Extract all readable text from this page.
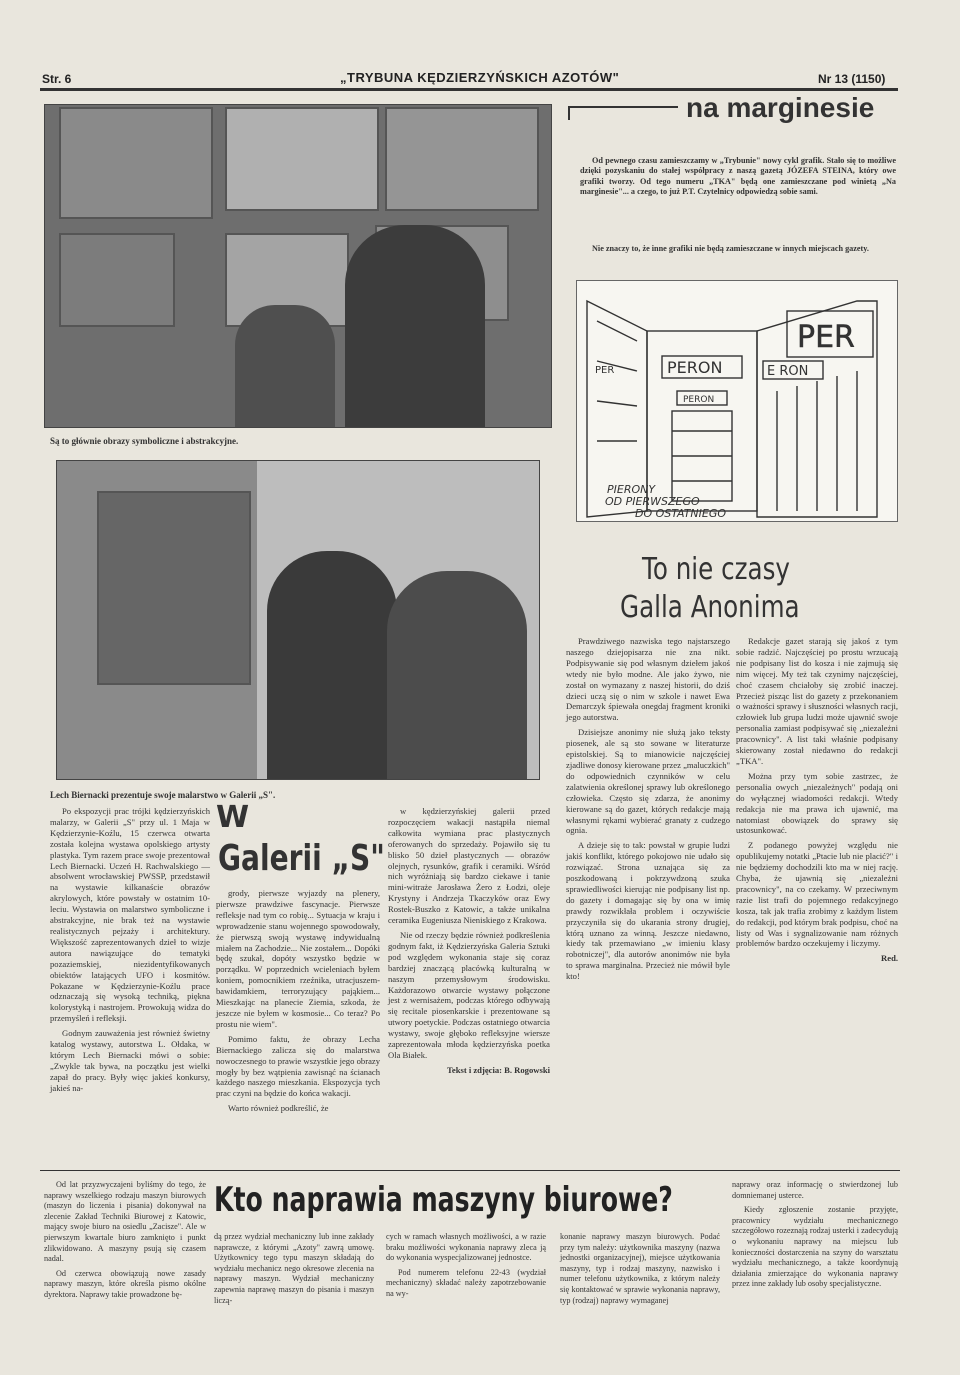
Str. 6	„TRYBUNA KĘDZIERZYŃSKICH AZOTÓW"	Nr 13 (1150)
na marginesie
Od pewnego czasu zamieszczamy w „Trybunie" nowy cykl grafik. Stało się to możliwe dzięki pozyskaniu do stałej współpracy z naszą gazetą JÓZEFA STEINA, który owe grafiki tworzy. Od tego numeru „TKA" będą one zamieszczane pod winietą „Na marginesie"... a czego, to już P.T. Czytelnicy odpowiedzą sobie sami.
Nie znaczy to, że inne grafiki nie będą zamieszczane w innych miejscach gazety.
PER
PERON
PERON
E RON
PER
PIERONY
OD PIERWSZEGO
DO OSTATNIEGO
Są to głównie obrazy symboliczne i abstrakcyjne.
Lech Biernacki prezentuje swoje malarstwo w Galerii „S".
W
Galerii „S"

Po ekspozycji prac trójki kędzierzyńskich malarzy, w Galerii „S" przy ul. 1 Maja w Kędzierzynie-Koźlu, 15 czerwca otwarta została kolejna wystawa opolskiego artysty plastyka. Tym razem prace swoje prezentował Lech Biernacki. Uczeń H. Rachwalskiego — absolwent wrocławskiej PWSSP, przedstawił na wystawie kilkanaście obrazów akrylowych, które powstały w ostatnim 10-leciu. Wystawia on malarstwo symboliczne i abstrakcyjne, nie brak też na wystawie realistycznych pejzaży i architektury. Większość zaprezentowanych dzieł to wizje autora nawiązujące do tematyki pozaziemskiej, niezidentyfikowanych obiektów latających UFO i kosmitów. Pokazane w Kędzierzynie-Koźlu prace odznaczają się wysoką techniką, piękna kolorystyką i nastrojem. Prowokują widza do przemyśleń i refleksji.

Godnym zauważenia jest również świetny katalog wystawy, autorstwa L. Ołdaka, w którym Lech Biernacki mówi o sobie: „Zwykle tak bywa, na początku jest wielki zapał do pracy. Były więc jakieś konkursy, jakieś na-

grody, pierwsze wyjazdy na plenery, pierwsze prawdziwe fascynacje. Pierwsze refleksje nad tym co robię... Sytuacja w kraju i wprowadzenie stanu wojennego spowodowały, że pierwszą swoją wystawę indywidualną miałem na Zachodzie... Nie zostałem... Dopóki będę szukał, dopóty wszystko będzie w porządku. W poprzednich wcieleniach byłem koniem, pomocnikiem rzeźnika, utracjuszem-bawidamkiem, terroryzujący pająkiem... Mieszkając na planecie Ziemia, szkoda, że jeszcze nie byłem w kosmosie... Co teraz? Po prostu nie wiem".

Pomimo faktu, że obrazy Lecha Biernackiego zalicza się do malarstwa nowoczesnego to prawie wszystkie jego obrazy mogły by bez wątpienia zawisnąć na ścianach każdego naszego mieszkania. Ekspozycja tych prac czyni na będzie do końca wakacji.

Warto również podkreślić, że

w kędzierzyńskiej galerii przed rozpoczęciem wakacji nastąpiła niemal całkowita wymiana prac plastycznych oferowanych do sprzedaży. Pojawiło się tu blisko 50 dzieł plastycznych — obrazów olejnych, rysunków, grafik i ceramiki. Wśród nich wyróżniają się bardzo ciekawe i tanie mini-witraże Jarosława Żero z Łodzi, oleje Krystyny i Andrzeja Tkaczyków oraz Ewy Rostek-Buszko z Katowic, a także unikalna ceramika Eugeniusza Nieniskiego z Krakowa.

Nie od rzeczy będzie również podkreślenia godnym fakt, iż Kędzierzyńska Galeria Sztuki pod względem wykonania staje się coraz bardziej znaczącą placówką kulturalną w naszym przemysłowym środowisku. Każdorazowo otwarcie wystawy połączone jest z wernisażem, podczas którego odbywają się recitale piosenkarskie i prezentowane są utwory poetyckie. Podczas ostatniego otwarcia wystawy, swoje głęboko refleksyjne wiersze zaprezentowała młoda kędzierzyńska poetka Ola Białek.

Tekst i zdjęcia: B. Rogowski
To nie czasy
Galla Anonima

Prawdziwego nazwiska tego najstarszego naszego dziejopisarza nie zna nikt. Podpisywanie się pod własnym dziełem jakoś wtedy nie było modne. Ale jako żywo, nie został on wymazany z naszej historii, do dziś dzieci uczą się o nim w szkole i nawet Ewa Demarczyk śpiewała onegdaj fragment kroniki jego autorstwa.

Dzisiejsze anonimy nie służą jako teksty piosenek, ale są sto sowane w literaturze epistolskiej. Są to mianowicie najczęściej zjadliwe donosy kierowane przez „maluczkich" do odpowiednich czynników w celu zalatwienia określonej sprawy lub określonego człowieka. Często się zdarza, że anonimy kierowane są do gazet, których redakcje mają własnymi rękami wybierać granaty z cudzego ognia.

A dzieje się to tak: powstał w grupie ludzi jakiś konflikt, którego pokojowo nie udało się rozwiązać. Strona uznająca się za poszkodowaną i pokrzywdzoną szuka sprawiedliwości kierując nie podpisany list np. do gazety i domagając się by ona w imię prawdy rozwikłała problem i oczywiście przyczyniła się do ukarania strony drugiej, którą uznano za winną. Jeszcze niedawno, kiedy tak przemawiano „w imieniu klasy robotniczej", dla autorów anonimów nie była to sprawa marginalna. Przecież nie mówił byle kto!

Redakcje gazet starają się jakoś z tym sobie radzić. Najczęściej po prostu wrzucają nie podpisany list do kosza i nie zajmują się nim więcej. My też tak czynimy najczęściej, choć czasem chciałoby się zrobić inaczej. Przecież pisząc list do gazety z przekonaniem o ważności sprawy i słuszności własnych racji, człowiek lub grupa ludzi może ujawnić swoje personalia zamiast podpisywać się „niezależni pracownicy". A list taki właśnie podpisany skierowany został niedawno do redakcji „TKA".

Można przy tym sobie zastrzec, że personalia owych „niezależnych" podają oni do wyłącznej wiadomości redakcji. Wtedy redakcja nie ma prawa ich ujawnić, ma natomiast obowiązek do sprawy się ustosunkować.

Z podanego powyżej względu nie opublikujemy notatki „Ptacie lub nie placić?" i nie będziemy dochodzili kto ma w niej rację. Chyba, że ujawnią się „niezależni pracownicy", na co czekamy. W przeciwnym razie list trafi do pojemnego redakcyjnego kosza, tak jak trafia zrobimy z każdym listem do redakcji, pod którym brak podpisu, choć na listy od Was i sygnalizowanie nam różnych problemów bardzo oczekujemy i liczymy.

Red.

Od lat przyzwyczajeni byliśmy do tego, że naprawy wszelkiego rodzaju maszyn biurowych (maszyn do liczenia i pisania) dokonywał na zlecenie Zakład Techniki Biurowej z Katowic, mający swoje biuro na osiedlu „Zacisze". Ale w pierwszym kwartale biuro zamknięto i punkt zlikwidowano. A maszyny psują się czasem nadal.

Od czerwca obowiązują nowe zasady naprawy maszyn, które określa pismo okólne dyrektora. Naprawy takie prowadzone bę-

Kto naprawia maszyny biurowe?

dą przez wydział mechaniczny lub inne zakłady naprawcze, z którymi „Azoty" zawrą umowę. Użytkownicy tego typu maszyn składają do wydziału mechanicz nego okresowe zlecenia na naprawy maszyn. Wydział mechaniczny zapewnia naprawę maszyn do pisania i maszyn liczą-

cych w ramach własnych możliwości, a w razie braku możliwości wykonania naprawy zleca ją do wykonania wyspecjalizowanej jednostce.

Pod numerem telefonu 22-43 (wydział mechaniczny) składać należy zapotrzebowanie na wy-

konanie naprawy maszyn biurowych. Podać przy tym należy: użytkownika maszyny (nazwa jednostki organizacyjnej), miejsce użytkowania maszyny, typ i rodzaj maszyny, nazwisko i numer telefonu użytkownika, z którym należy się kontaktować w sprawie wykonania naprawy, typ (rodzaj) naprawy wymaganej

naprawy oraz informację o stwierdzonej lub domniemanej usterce.

Kiedy zgłoszenie zostanie przyjęte, pracownicy wydziału mechanicznego szczegółowo rozeznają rodzaj usterki i zadecydują o wykonaniu naprawy na miejscu lub konieczności dostarczenia na szyny do warsztatu wydziału mechanicznego, a także koordynują działania zmierzające do wykonania naprawy przez inne zakłady lub osoby specjalistyczne.
